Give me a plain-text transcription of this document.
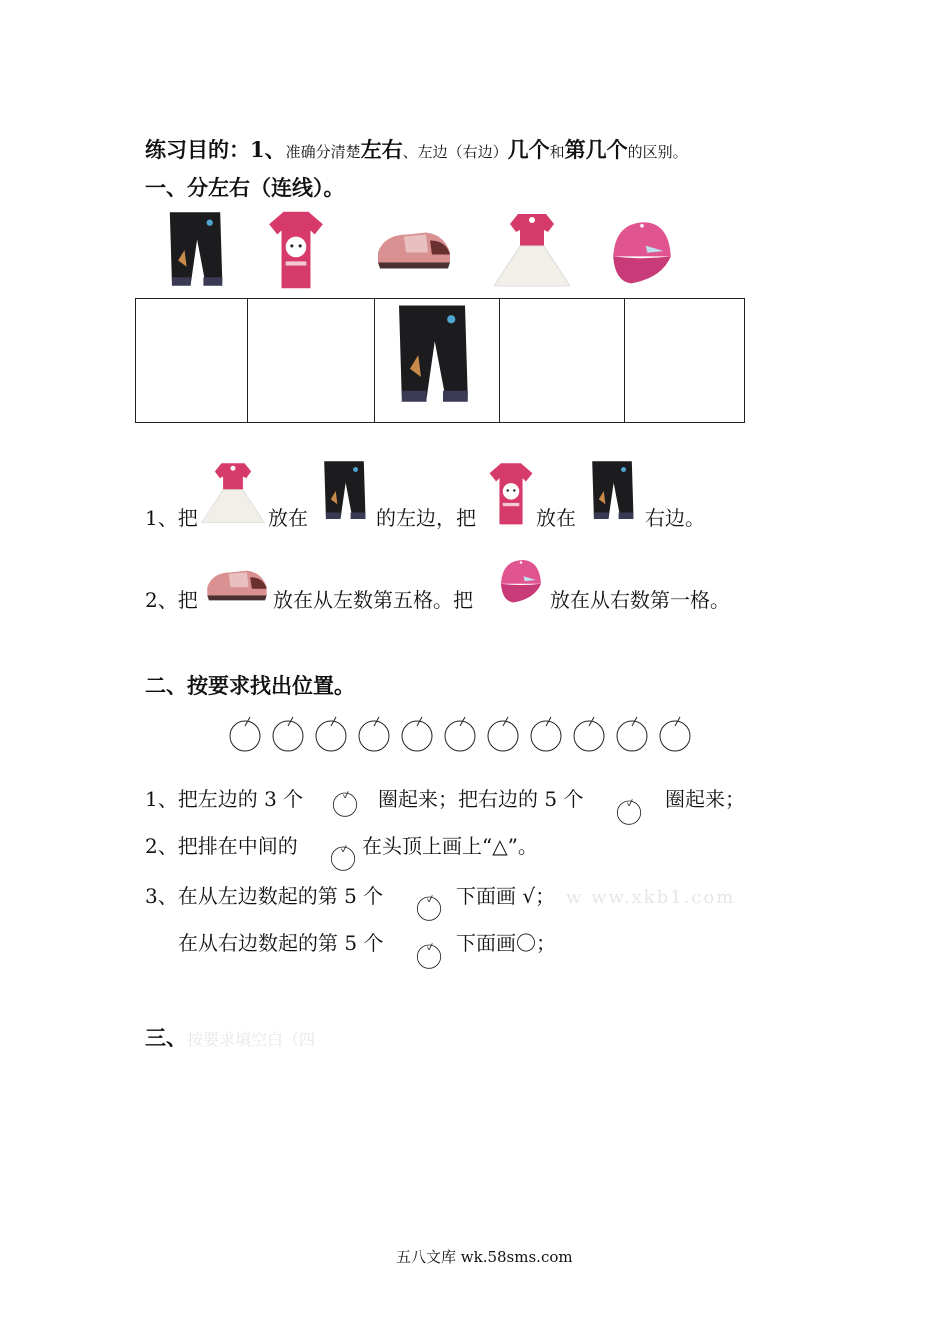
练习目的：1、准确分清楚左右、左边（右边）几个和第几个的区别。
一、分左右（连线）。
1、把	放在	的左边，把	放在	右边。
2、把	放在从左数第五格。把	放在从右数第一格。
二、按要求找出位置。
1、把左边的 3 个	圈起来；把右边的 5 个	圈起来；
2、把排在中间的	在头顶上画上“△”。
3、在从左边数起的第 5 个	下面画 √； w ww.xkb1.com
在从右边数起的第 5 个	下面画〇；
三、按要求填空白（四
五八文库 wk.58sms.com
